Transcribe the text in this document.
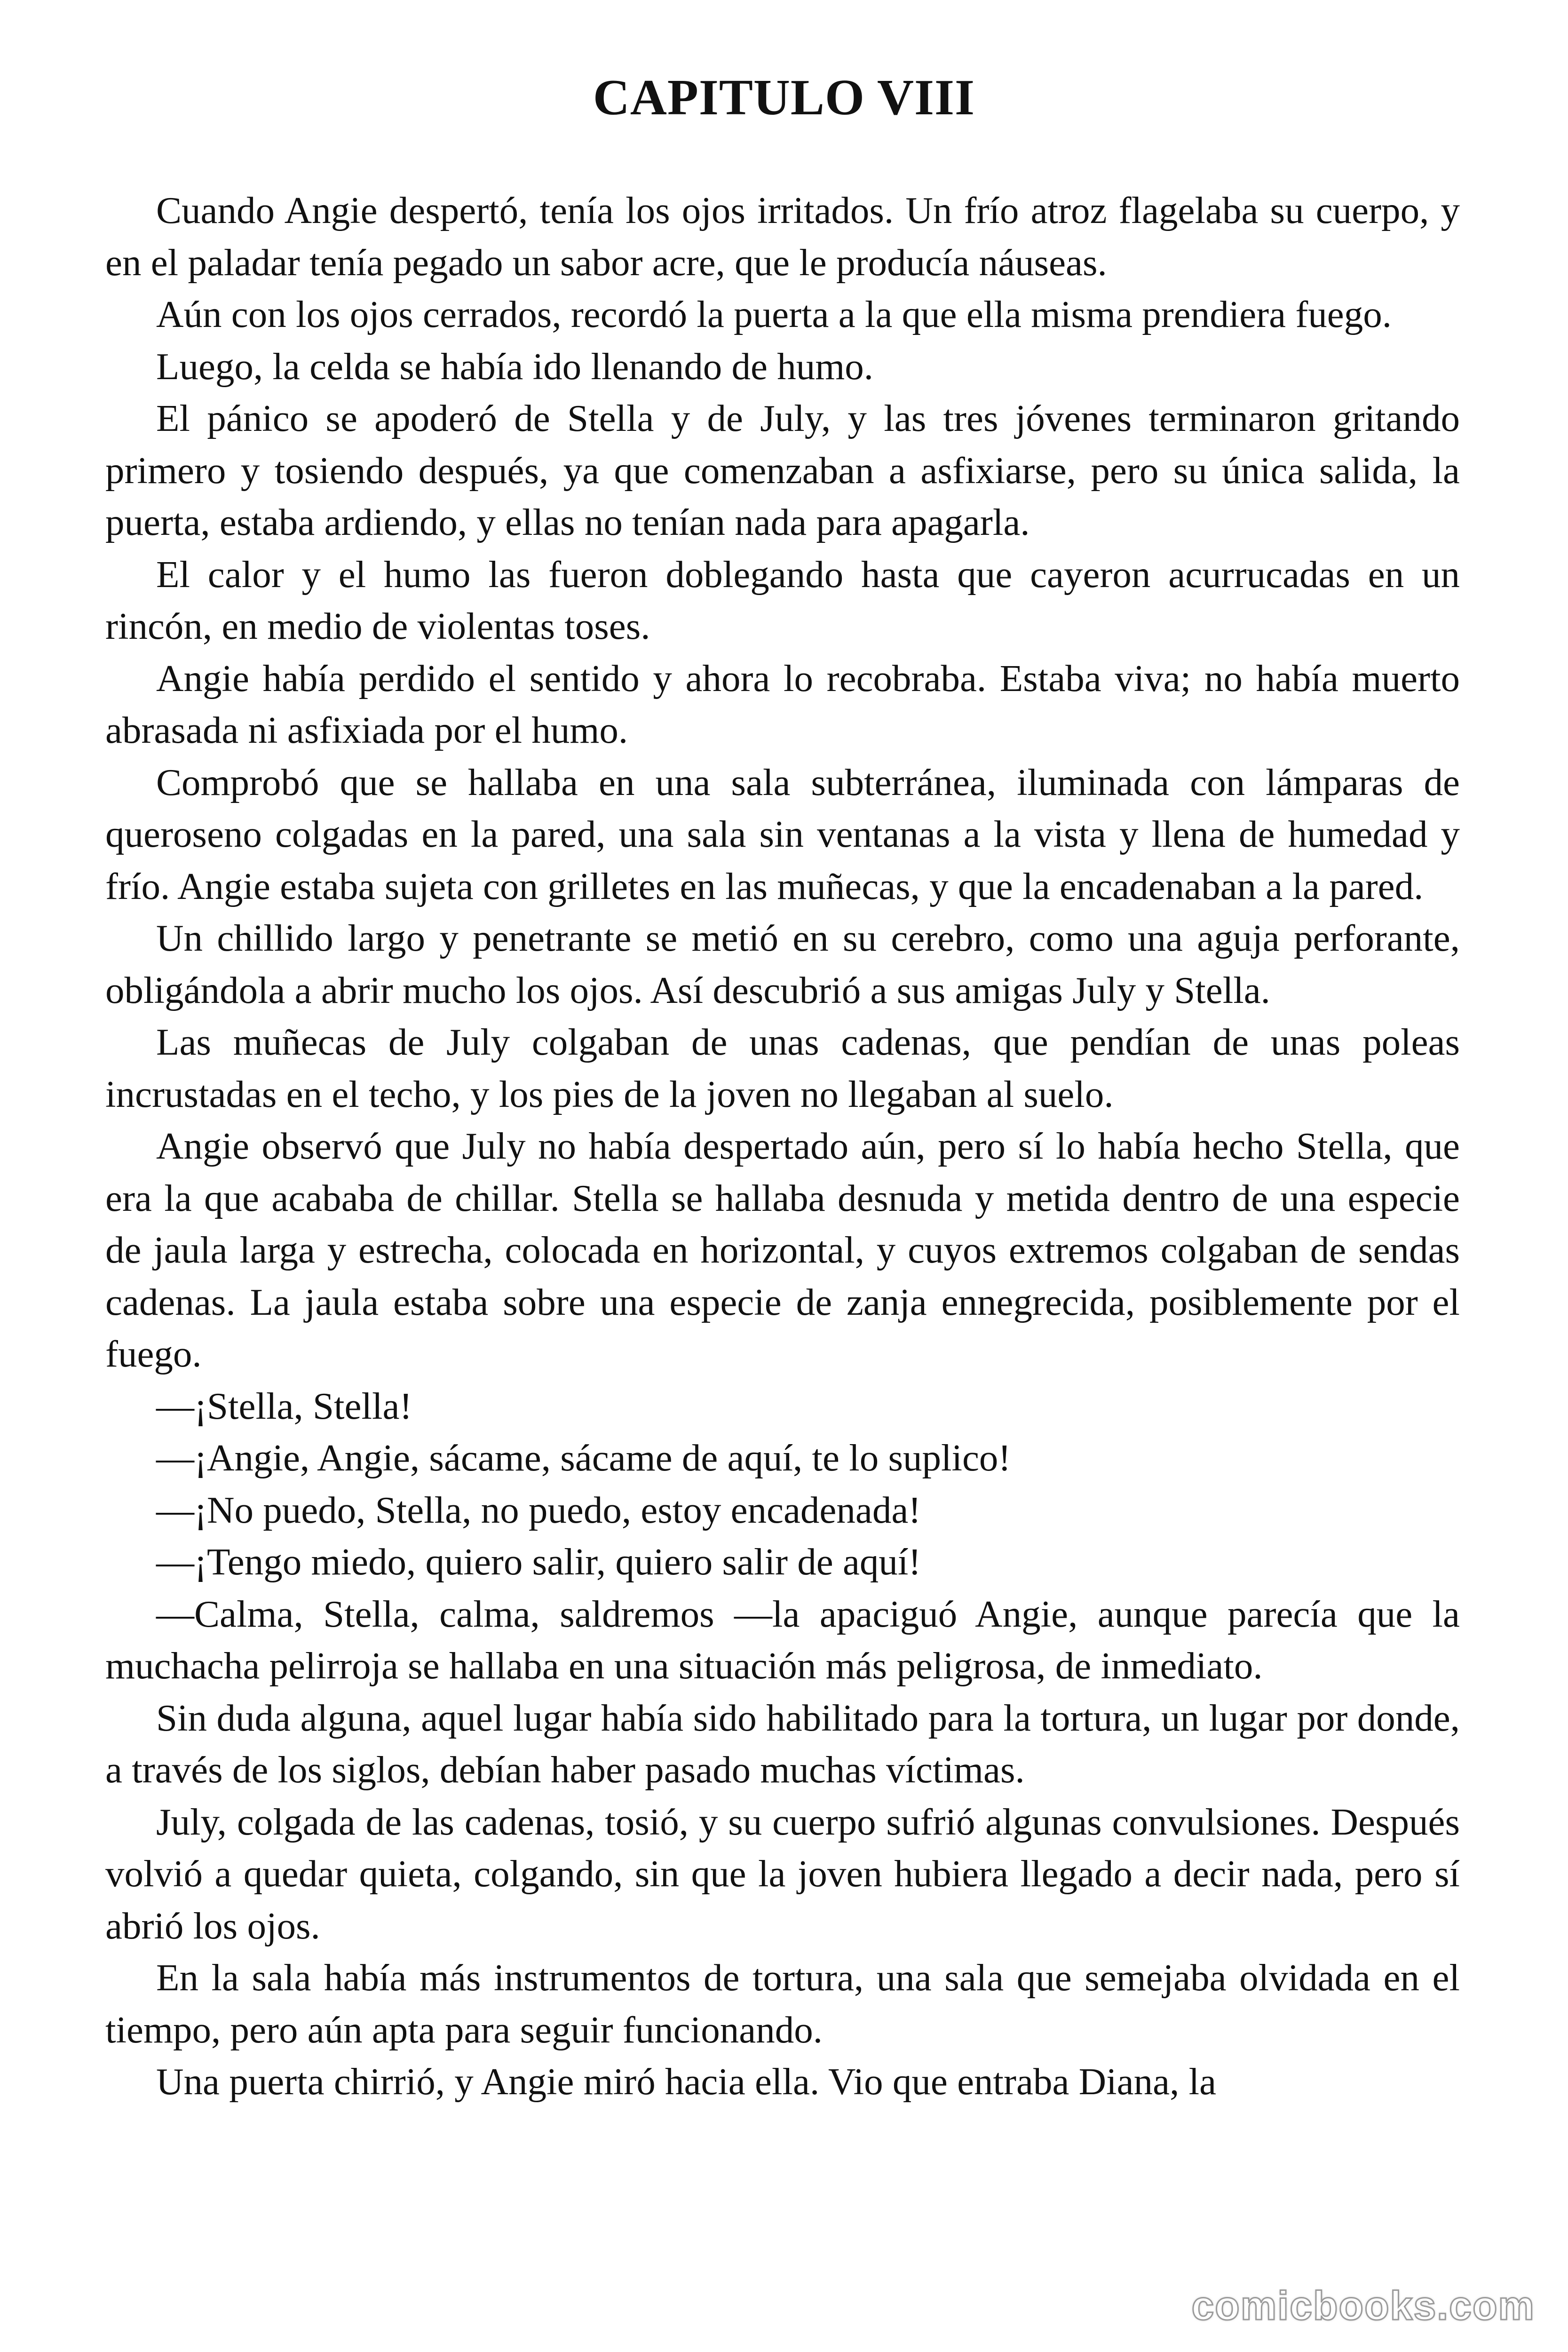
CAPITULO VIII

Cuando Angie despertó, tenía los ojos irritados. Un frío atroz flagelaba su cuerpo, y en el paladar tenía pegado un sabor acre, que le producía náuseas.

Aún con los ojos cerrados, recordó la puerta a la que ella misma prendiera fuego.

Luego, la celda se había ido llenando de humo.

El pánico se apoderó de Stella y de July, y las tres jóvenes terminaron gritando primero y tosiendo después, ya que comenzaban a asfixiarse, pero su única salida, la puerta, estaba ardiendo, y ellas no tenían nada para apagarla.

El calor y el humo las fueron doblegando hasta que cayeron acurrucadas en un rincón, en medio de violentas toses.

Angie había perdido el sentido y ahora lo recobraba. Estaba viva; no había muerto abrasada ni asfixiada por el humo.

Comprobó que se hallaba en una sala subterránea, iluminada con lámparas de queroseno colgadas en la pared, una sala sin ventanas a la vista y llena de humedad y frío. Angie estaba sujeta con grilletes en las muñecas, y que la encadenaban a la pared.

Un chillido largo y penetrante se metió en su cerebro, como una aguja perforante, obligándola a abrir mucho los ojos. Así descubrió a sus amigas July y Stella.

Las muñecas de July colgaban de unas cadenas, que pendían de unas poleas incrustadas en el techo, y los pies de la joven no llegaban al suelo.

Angie observó que July no había despertado aún, pero sí lo había hecho Stella, que era la que acababa de chillar. Stella se hallaba desnuda y metida dentro de una especie de jaula larga y estrecha, colocada en horizontal, y cuyos extremos colgaban de sendas cadenas. La jaula estaba sobre una especie de zanja ennegrecida, posiblemente por el fuego.

—¡Stella, Stella!

—¡Angie, Angie, sácame, sácame de aquí, te lo suplico!

—¡No puedo, Stella, no puedo, estoy encadenada!

—¡Tengo miedo, quiero salir, quiero salir de aquí!

—Calma, Stella, calma, saldremos —la apaciguó Angie, aunque parecía que la muchacha pelirroja se hallaba en una situación más peligrosa, de inmediato.

Sin duda alguna, aquel lugar había sido habilitado para la tortura, un lugar por donde, a través de los siglos, debían haber pasado muchas víctimas.

July, colgada de las cadenas, tosió, y su cuerpo sufrió algunas convulsiones. Después volvió a quedar quieta, colgando, sin que la joven hubiera llegado a decir nada, pero sí abrió los ojos.

En la sala había más instrumentos de tortura, una sala que semejaba olvidada en el tiempo, pero aún apta para seguir funcionando.

Una puerta chirrió, y Angie miró hacia ella. Vio que entraba Diana, la

comicbooks.com
